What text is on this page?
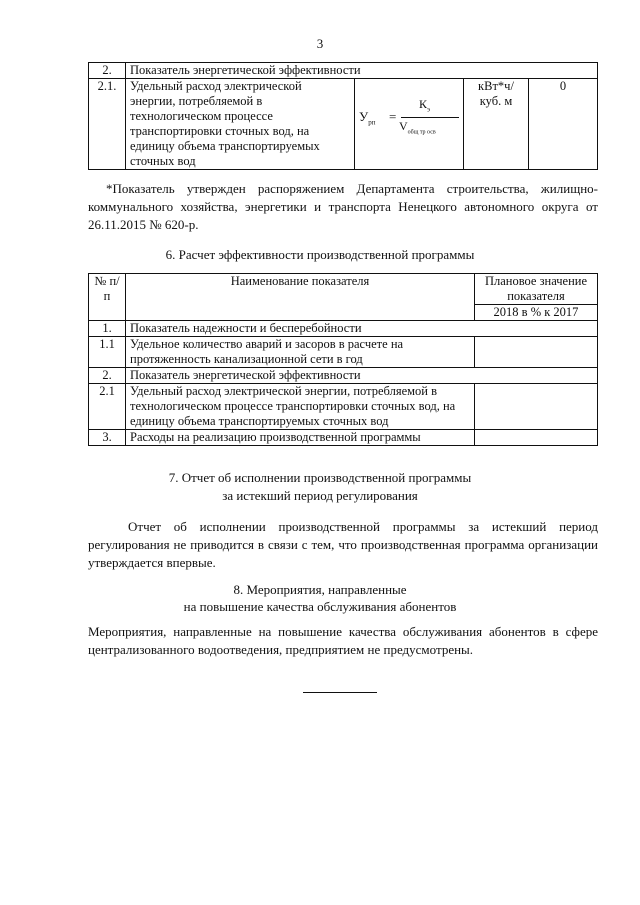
3
2.	Показатель энергетической эффективности			
2.1.	Удельный расход электрической энергии, потребляемой в технологическом процессе транспортировки сточных вод, на единицу объема транспортируемых сточных вод	$У_{рп}$ =
$К_э$
$V_{общ тр осв}$	кВт*ч/ куб. м	0
*Показатель утвержден распоряжением Департамента строительства, жилищно-коммунального хозяйства, энергетики и транспорта Ненецкого автономного округа от 26.11.2015 № 620-р.
6. Расчет эффективности производственной программы
№ п/п	Наименование показателя	Плановое значение показателя
		2018 в % к 2017
1.	Показатель надежности и бесперебойности	
1.1	Удельное количество аварий и засоров в расчете на протяженность канализационной сети в год	
2.	Показатель энергетической эффективности	
2.1	Удельный расход электрической энергии, потребляемой в технологическом процессе транспортировки сточных вод, на единицу объема транспортируемых сточных вод	
3.	Расходы на реализацию производственной программы	
7. Отчет об исполнении производственной программы
за истекший период регулирования
Отчет об исполнении производственной программы за истекший период регулирования не приводится в связи с тем, что производственная программа организации утверждается впервые.
8. Мероприятия, направленные
на повышение качества обслуживания абонентов
Мероприятия, направленные на повышение качества обслуживания абонентов в сфере централизованного водоотведения, предприятием не предусмотрены.
